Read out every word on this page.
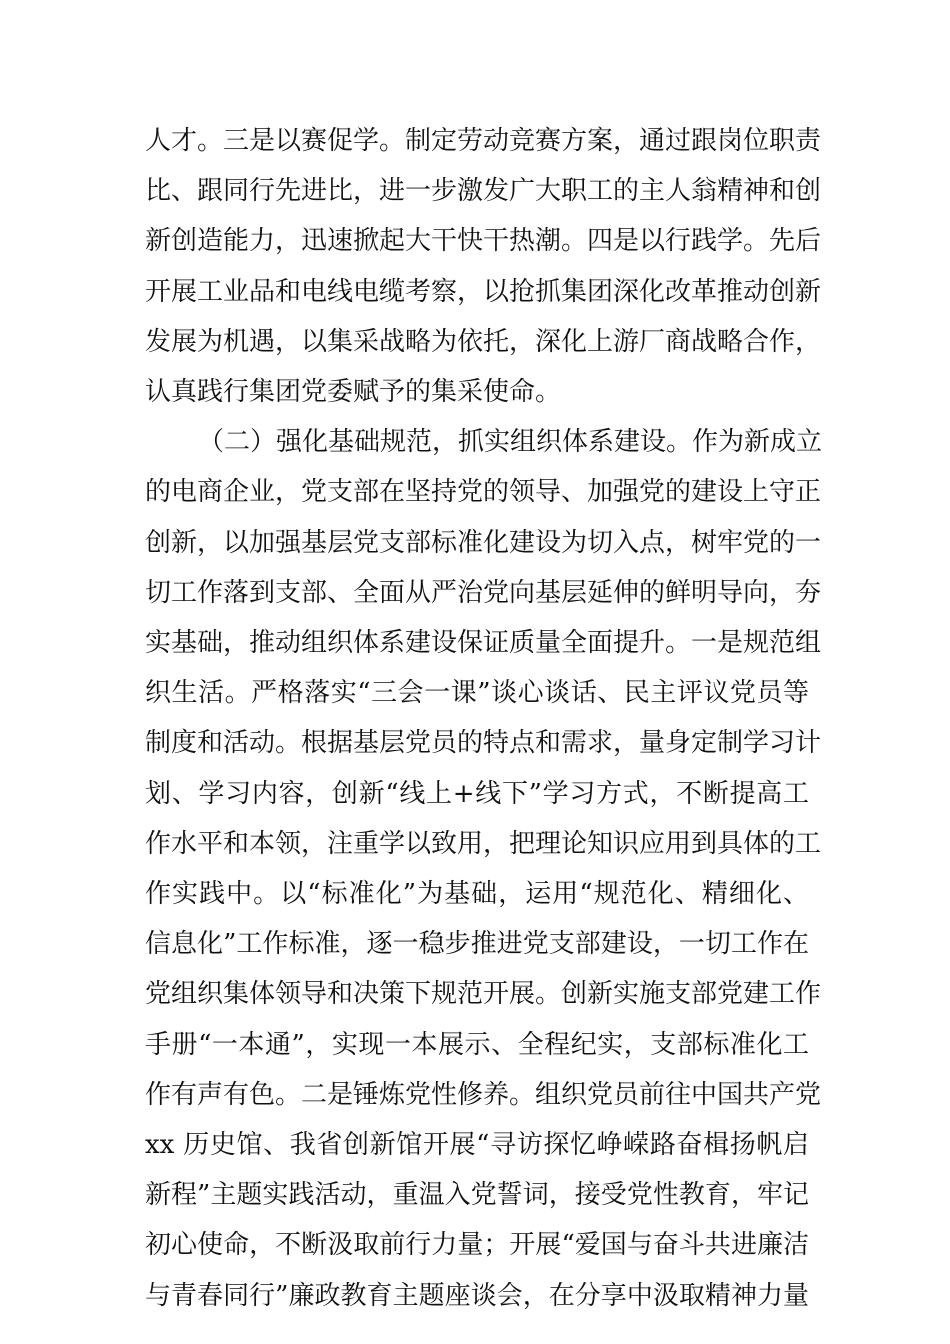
人才。三是以赛促学。制定劳动竞赛方案，通过跟岗位职责
比、跟同行先进比，进一步激发广大职工的主人翁精神和创
新创造能力，迅速掀起大干快干热潮。四是以行践学。先后
开展工业品和电线电缆考察，以抢抓集团深化改革推动创新
发展为机遇，以集采战略为依托，深化上游厂商战略合作，
认真践行集团党委赋予的集采使命。
（二）强化基础规范，抓实组织体系建设。作为新成立
的电商企业，党支部在坚持党的领导、加强党的建设上守正
创新，以加强基层党支部标准化建设为切入点，树牢党的一
切工作落到支部、全面从严治党向基层延伸的鲜明导向，夯
实基础，推动组织体系建设保证质量全面提升。一是规范组
织生活。严格落实“三会一课”谈心谈话、民主评议党员等
制度和活动。根据基层党员的特点和需求，量身定制学习计
划、学习内容，创新“线上+线下”学习方式，不断提高工
作水平和本领，注重学以致用，把理论知识应用到具体的工
作实践中。以“标准化”为基础，运用“规范化、精细化、
信息化”工作标准，逐一稳步推进党支部建设，一切工作在
党组织集体领导和决策下规范开展。创新实施支部党建工作
手册“一本通”，实现一本展示、全程纪实，支部标准化工
作有声有色。二是锤炼党性修养。组织党员前往中国共产党
xx 历史馆、我省创新馆开展“寻访探忆峥嵘路奋楫扬帆启
新程”主题实践活动，重温入党誓词，接受党性教育，牢记
初心使命，不断汲取前行力量；开展“爱国与奋斗共进廉洁
与青春同行”廉政教育主题座谈会，在分享中汲取精神力量
